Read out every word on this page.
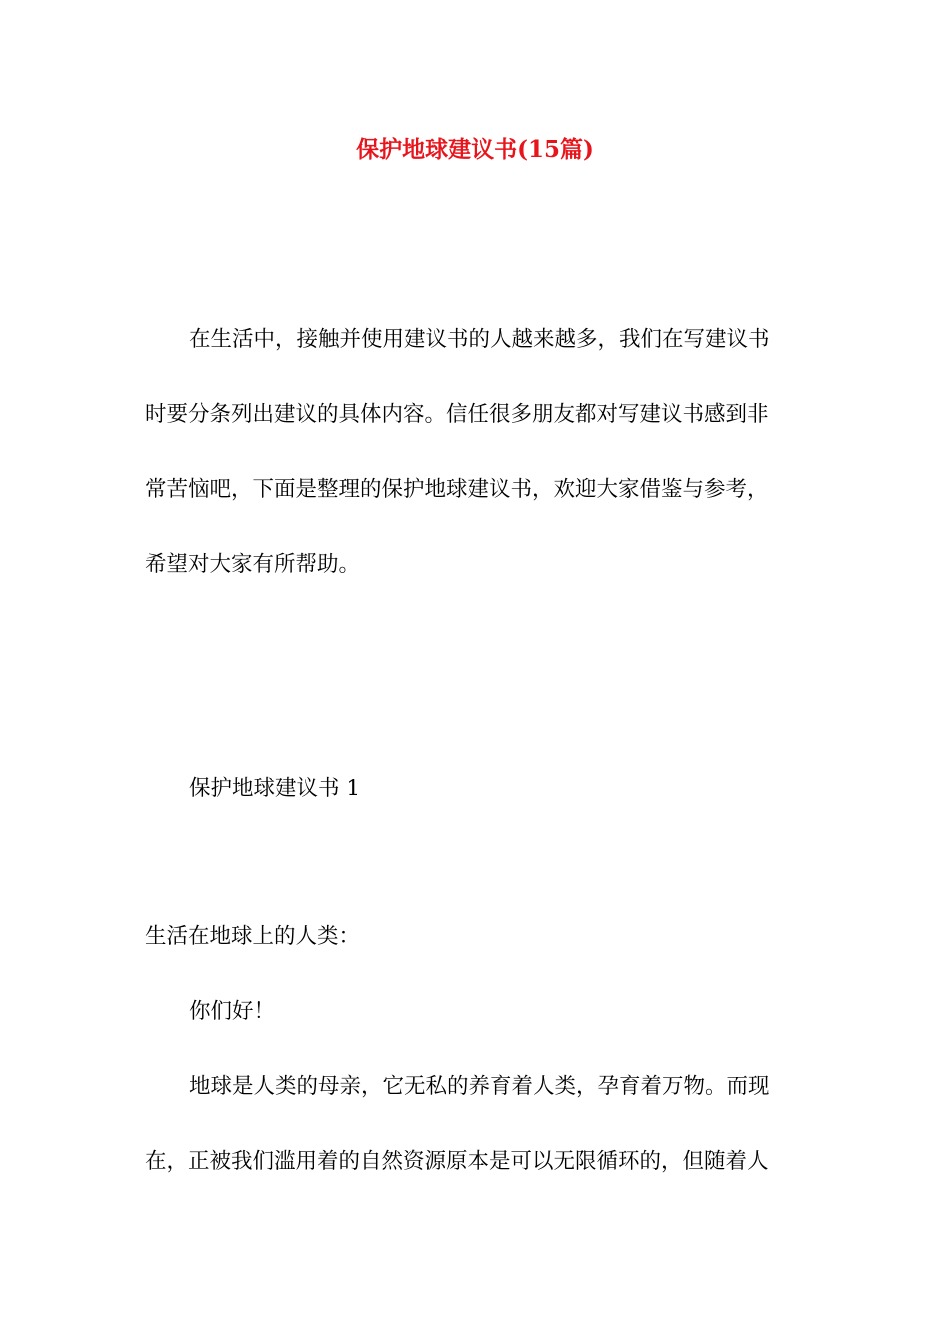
保护地球建议书(15篇)
在生活中，接触并使用建议书的人越来越多，我们在写建议书
时要分条列出建议的具体内容。信任很多朋友都对写建议书感到非
常苦恼吧，下面是整理的保护地球建议书，欢迎大家借鉴与参考，
希望对大家有所帮助。
保护地球建议书 1
生活在地球上的人类：
你们好！
地球是人类的母亲，它无私的养育着人类，孕育着万物。而现
在，正被我们滥用着的自然资源原本是可以无限循环的，但随着人
